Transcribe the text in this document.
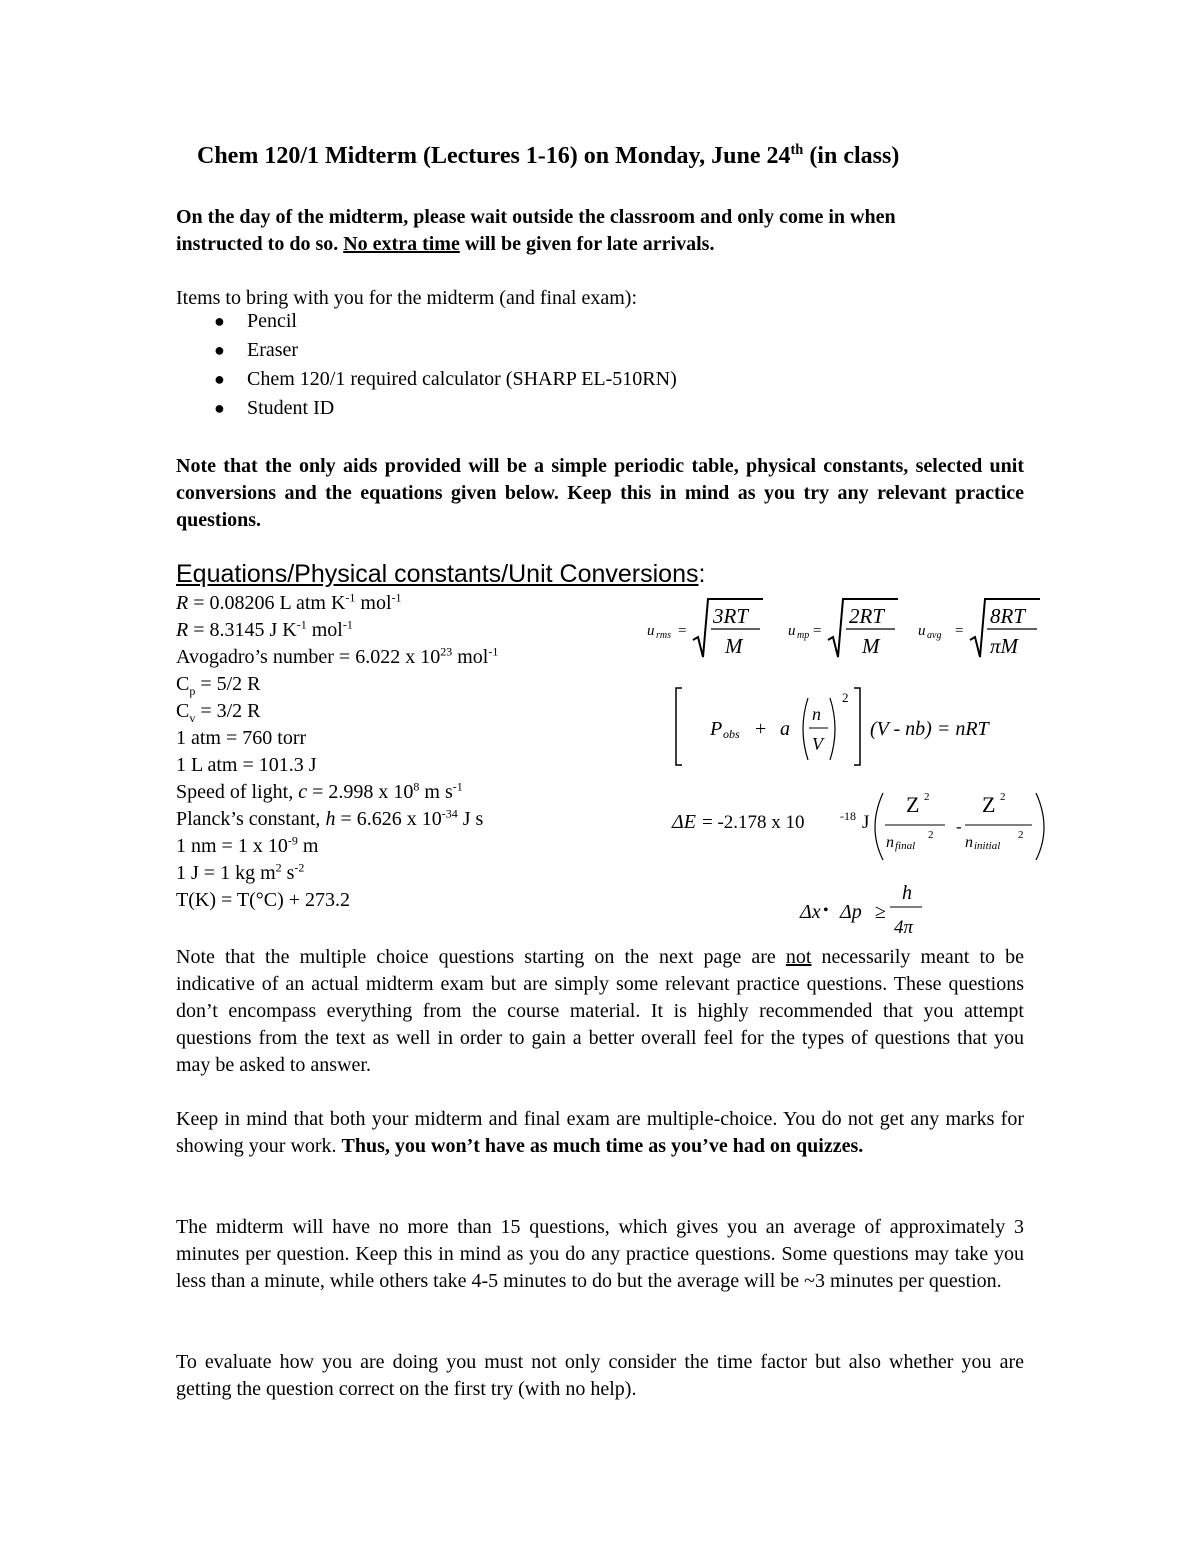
Chem 120/1 Midterm (Lectures 1-16) on Monday, June 24th (in class)
On the day of the midterm, please wait outside the classroom and only come in when
instructed to do so. No extra time will be given for late arrivals.
Items to bring with you for the midterm (and final exam):
● Pencil
● Eraser
● Chem 120/1 required calculator (SHARP EL-510RN)
● Student ID
Note that the only aids provided will be a simple periodic table, physical constants, selected unit conversions and the equations given below. Keep this in mind as you try any relevant practice questions.
Equations/Physical constants/Unit Conversions:
R = 0.08206 L atm $K^{-1}$ mol$^{-1}$
R = 8.3145 J $K^{-1}$ mol$^{-1}$
Avogadro’s number = 6.022 x $10^{23}$ mol$^{-1}$
$C_p = 5/2$ R
$C_v = 3/2$ R
1 atm = 760 torr
1 L atm = 101.3 J
Speed of light, c = 2.998 x $10^8$ m $s^{-1}$
Planck’s constant, h = 6.626 x $10^{-34}$ J s
1 nm = 1 x $10^{-9}$ m
1 J = 1 kg $m^2$ $s^{-2}$
T(K) = T(°C) + 273.2
u rms =
3RT
M
u mp =
2RT
M
u avg =
8RT
πM
P obs + a
n
V
2
(V - nb) = nRT
ΔE = -2.178 x 10	-18 J
Z 2
n final
2 -
Z 2
n initial
2
Δx • Δp ≥
h
4π
Note that the multiple choice questions starting on the next page are not necessarily meant to be indicative of an actual midterm exam but are simply some relevant practice questions. These questions don’t encompass everything from the course material. It is highly recommended that you attempt questions from the text as well in order to gain a better overall feel for the types of questions that you may be asked to answer.
Keep in mind that both your midterm and final exam are multiple-choice. You do not get any marks for showing your work. Thus, you won’t have as much time as you’ve had on quizzes.
The midterm will have no more than 15 questions, which gives you an average of approximately 3 minutes per question. Keep this in mind as you do any practice questions. Some questions may take you less than a minute, while others take 4-5 minutes to do but the average will be ~3 minutes per question.
To evaluate how you are doing you must not only consider the time factor but also whether you are getting the question correct on the first try (with no help).
